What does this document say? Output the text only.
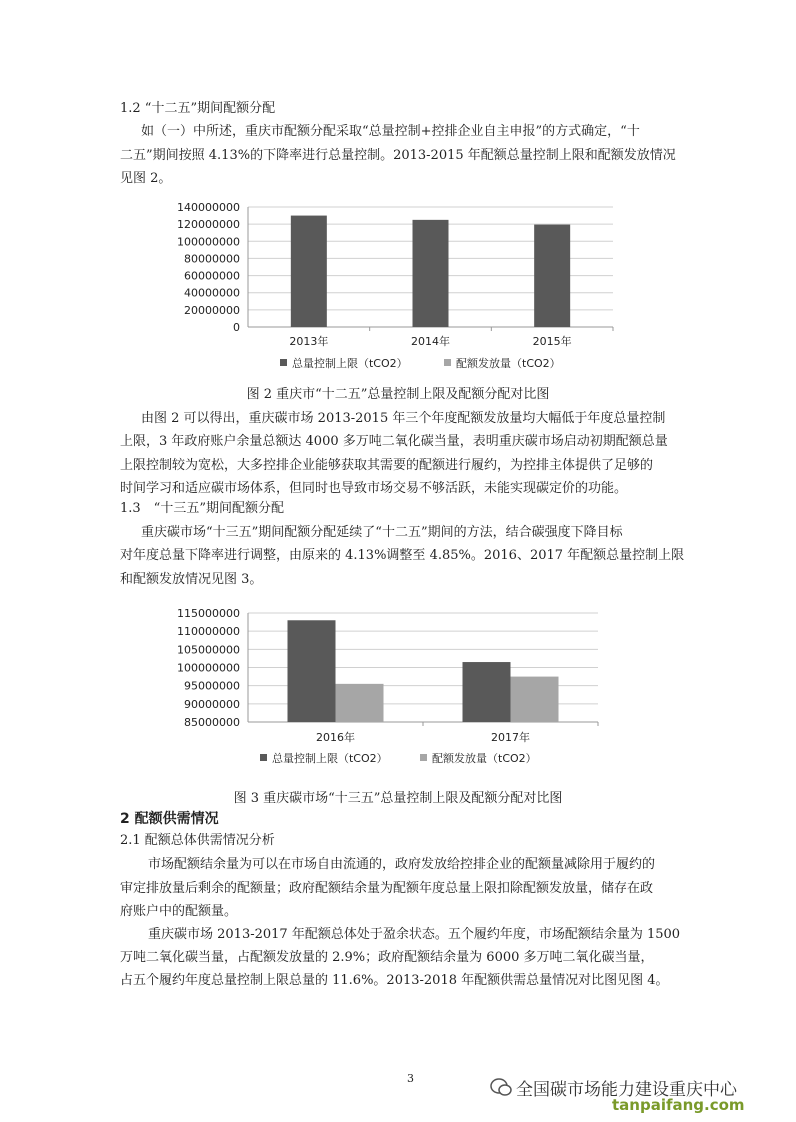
1.2 “十二五”期间配额分配
如（一）中所述，重庆市配额分配采取“总量控制+控排企业自主申报”的方式确定，“十
二五”期间按照 4.13%的下降率进行总量控制。2013-2015 年配额总量控制上限和配额发放情况
见图 2。
0
20000000
40000000
60000000
80000000
100000000
120000000
140000000
2013年	2014年	2015年
总量控制上限（tCO2）	配额发放量（tCO2）
图 2 重庆市“十二五”总量控制上限及配额分配对比图
由图 2 可以得出，重庆碳市场 2013-2015 年三个年度配额发放量均大幅低于年度总量控制
上限，3 年政府账户余量总额达 4000 多万吨二氧化碳当量，表明重庆碳市场启动初期配额总量
上限控制较为宽松，大多控排企业能够获取其需要的配额进行履约，为控排主体提供了足够的
时间学习和适应碳市场体系，但同时也导致市场交易不够活跃，未能实现碳定价的功能。
1.3　“十三五”期间配额分配
重庆碳市场“十三五”期间配额分配延续了“十二五”期间的方法，结合碳强度下降目标
对年度总量下降率进行调整，由原来的 4.13%调整至 4.85%。2016、2017 年配额总量控制上限
和配额发放情况见图 3。
85000000
90000000
95000000
100000000
105000000
110000000
115000000
2016年	2017年
总量控制上限（tCO2）	配额发放量（tCO2）
图 3 重庆碳市场“十三五”总量控制上限及配额分配对比图
2 配额供需情况
2.1 配额总体供需情况分析
市场配额结余量为可以在市场自由流通的，政府发放给控排企业的配额量减除用于履约的
审定排放量后剩余的配额量；政府配额结余量为配额年度总量上限扣除配额发放量，储存在政
府账户中的配额量。
重庆碳市场 2013-2017 年配额总体处于盈余状态。五个履约年度，市场配额结余量为 1500
万吨二氧化碳当量，占配额发放量的 2.9%；政府配额结余量为 6000 多万吨二氧化碳当量，
占五个履约年度总量控制上限总量的 11.6%。2013-2018 年配额供需总量情况对比图见图 4。
3
全国碳市场能力建设重庆中心
tanpaifang.com
